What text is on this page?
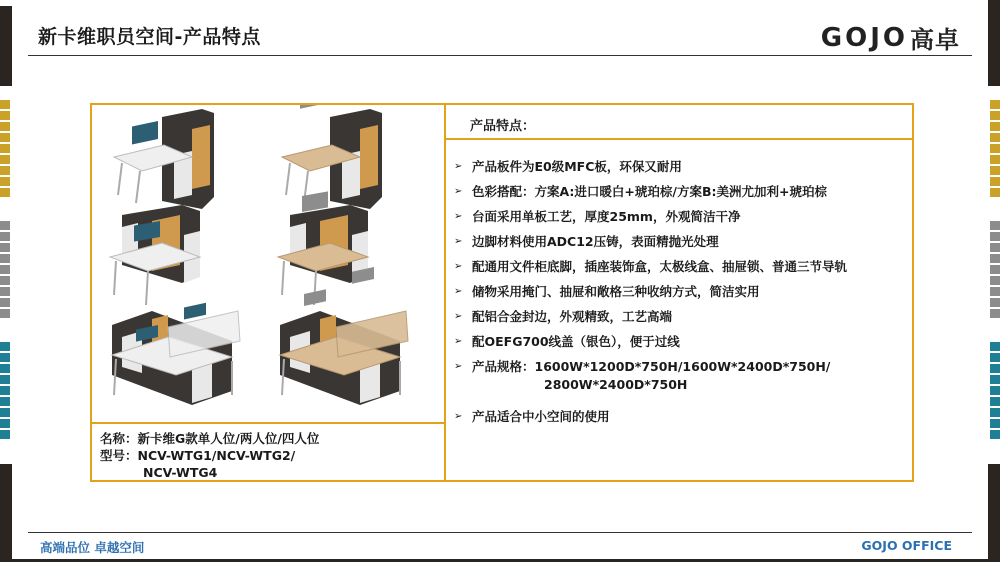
新卡维职员空间-产品特点	GOJO 高卓
名称：新卡维G款单人位/两人位/四人位
型号：NCV-WTG1/NCV-WTG2/
NCV-WTG4
产品特点：
➢ 产品板件为E0级MFC板，环保又耐用
➢ 色彩搭配：方案A:进口暖白+琥珀棕/方案B:美洲尤加利+琥珀棕
➢ 台面采用单板工艺，厚度25mm，外观简洁干净
➢ 边脚材料使用ADC12压铸，表面精抛光处理
➢ 配通用文件柜底脚，插座装饰盒，太极线盒、抽屉锁、普通三节导轨
➢ 储物采用掩门、抽屉和敞格三种收纳方式，简洁实用
➢ 配铝合金封边，外观精致，工艺高端
➢ 配OEFG700线盖（银色），便于过线
➢ 产品规格：1600W*1200D*750H/1600W*2400D*750H/
2800W*2400D*750H
➢ 产品适合中小空间的使用
高端品位 卓越空间	GOJO OFFICE
